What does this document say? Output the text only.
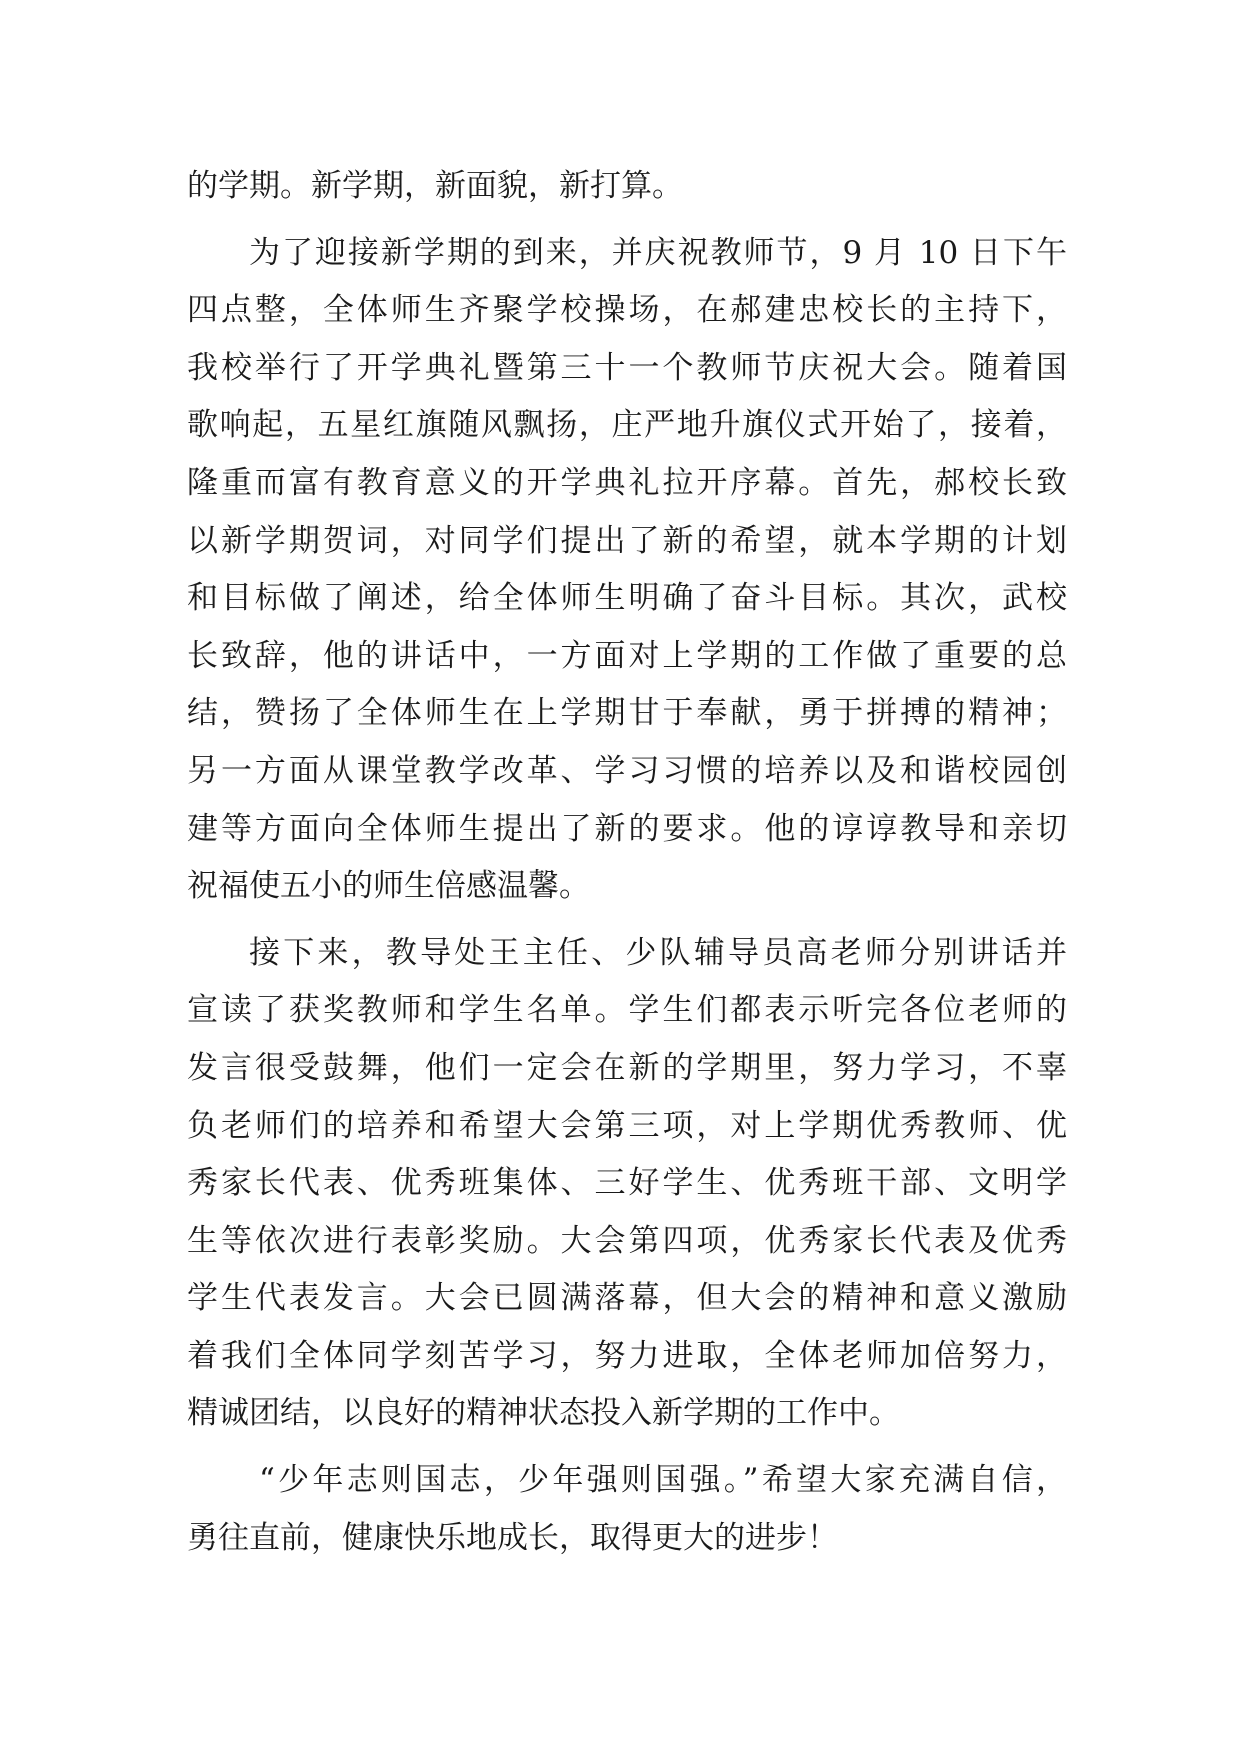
的学期。新学期，新面貌，新打算。
为了迎接新学期的到来，并庆祝教师节，9 月 10 日下午
四点整，全体师生齐聚学校操场，在郝建忠校长的主持下，
我校举行了开学典礼暨第三十一个教师节庆祝大会。随着国
歌响起，五星红旗随风飘扬，庄严地升旗仪式开始了，接着，
隆重而富有教育意义的开学典礼拉开序幕。首先，郝校长致
以新学期贺词，对同学们提出了新的希望，就本学期的计划
和目标做了阐述，给全体师生明确了奋斗目标。其次，武校
长致辞，他的讲话中，一方面对上学期的工作做了重要的总
结，赞扬了全体师生在上学期甘于奉献，勇于拼搏的精神；
另一方面从课堂教学改革、学习习惯的培养以及和谐校园创
建等方面向全体师生提出了新的要求。他的谆谆教导和亲切
祝福使五小的师生倍感温馨。
接下来，教导处王主任、少队辅导员高老师分别讲话并
宣读了获奖教师和学生名单。学生们都表示听完各位老师的
发言很受鼓舞，他们一定会在新的学期里，努力学习，不辜
负老师们的培养和希望大会第三项，对上学期优秀教师、优
秀家长代表、优秀班集体、三好学生、优秀班干部、文明学
生等依次进行表彰奖励。大会第四项，优秀家长代表及优秀
学生代表发言。大会已圆满落幕，但大会的精神和意义激励
着我们全体同学刻苦学习，努力进取，全体老师加倍努力，
精诚团结，以良好的精神状态投入新学期的工作中。
“少年志则国志，少年强则国强。”希望大家充满自信，
勇往直前，健康快乐地成长，取得更大的进步！
